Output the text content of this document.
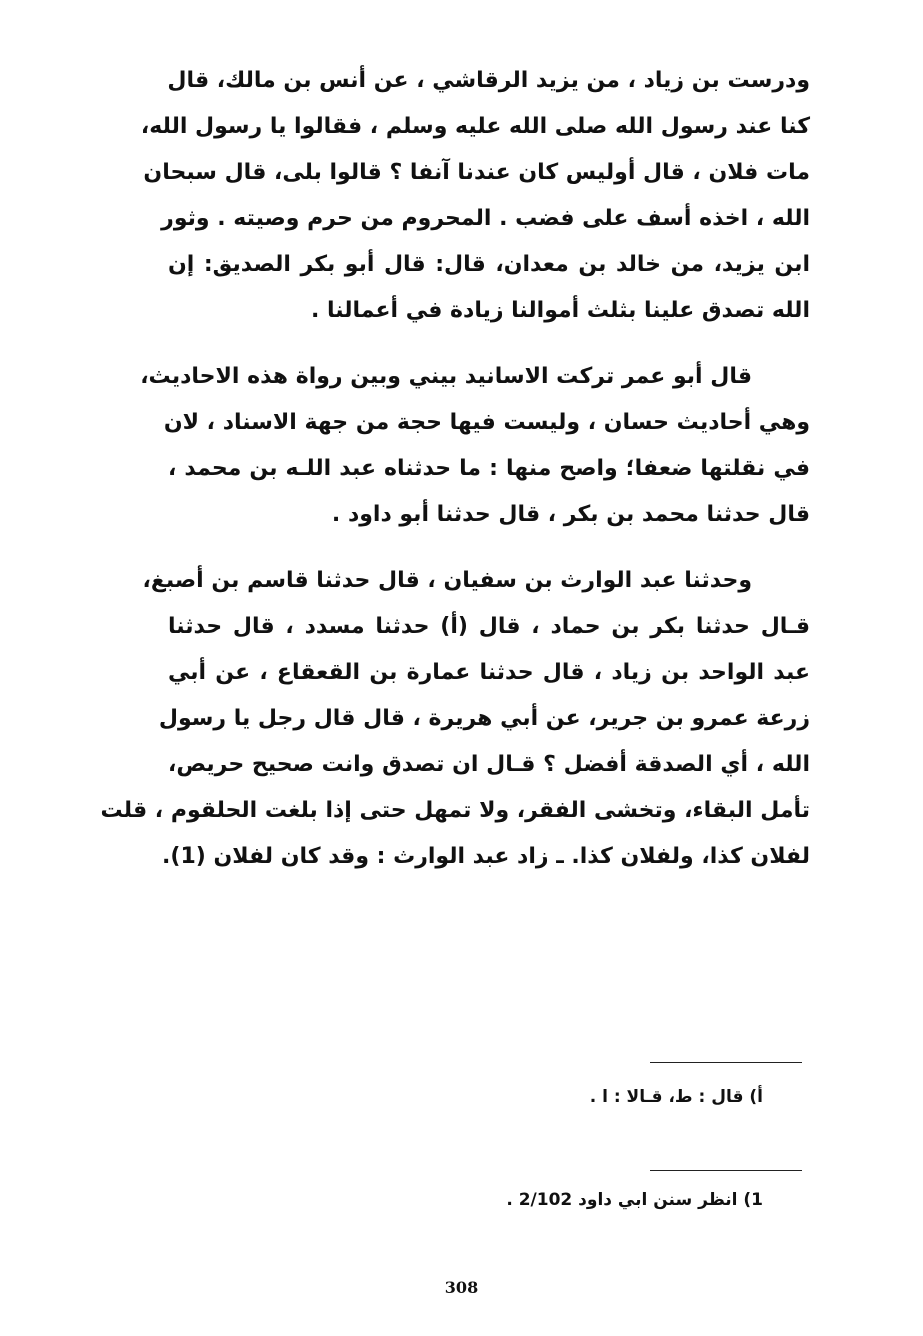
ودرست بن زياد ، من يزيد الرقاشي ، عن أنس بن مالك، قال
كنا عند رسول الله صلى الله عليه وسلم ، فقالوا يا رسول الله،
مات فلان ، قال أوليس كان عندنا آنفا ؟ قالوا بلى، قال سبحان
الله ، اخذه أسف على فضب . المحروم من حرم وصيته . وثور
ابن يزيد، من خالد بن معدان، قال: قال أبو بكر الصديق: إن
الله تصدق علينا بثلث أموالنا زيادة في أعمالنا .
قال أبو عمر تركت الاسانيد بيني وبين رواة هذه الاحاديث،
وهي أحاديث حسان ، وليست فيها حجة من جهة الاسناد ، لان
في نقلتها ضعفا؛ واصح منها : ما حدثناه عبد اللـه بن محمد ،
قال حدثنا محمد بن بكر ، قال حدثنا أبو داود .
وحدثنا عبد الوارث بن سفيان ، قال حدثنا قاسم بن أصبغ،
قـال حدثنا بكر بن حماد ، قال (أ) حدثنا مسدد ، قال حدثنا
عبد الواحد بن زياد ، قال حدثنا عمارة بن القعقاع ، عن أبي
زرعة عمرو بن جرير، عن أبي هريرة ، قال قال رجل يا رسول
الله ، أي الصدقة أفضل ؟ قـال ان تصدق وانت صحيح حريص،
تأمل البقاء، وتخشى الفقر، ولا تمهل حتى إذا بلغت الحلقوم ، قلت
لفلان كذا، ولفلان كذا. ـ زاد عبد الوارث : وقد كان لفلان (1).
أ) قال : ط، قـالا : ا .
1) انظر سنن ابي داود 2/102 .
308
